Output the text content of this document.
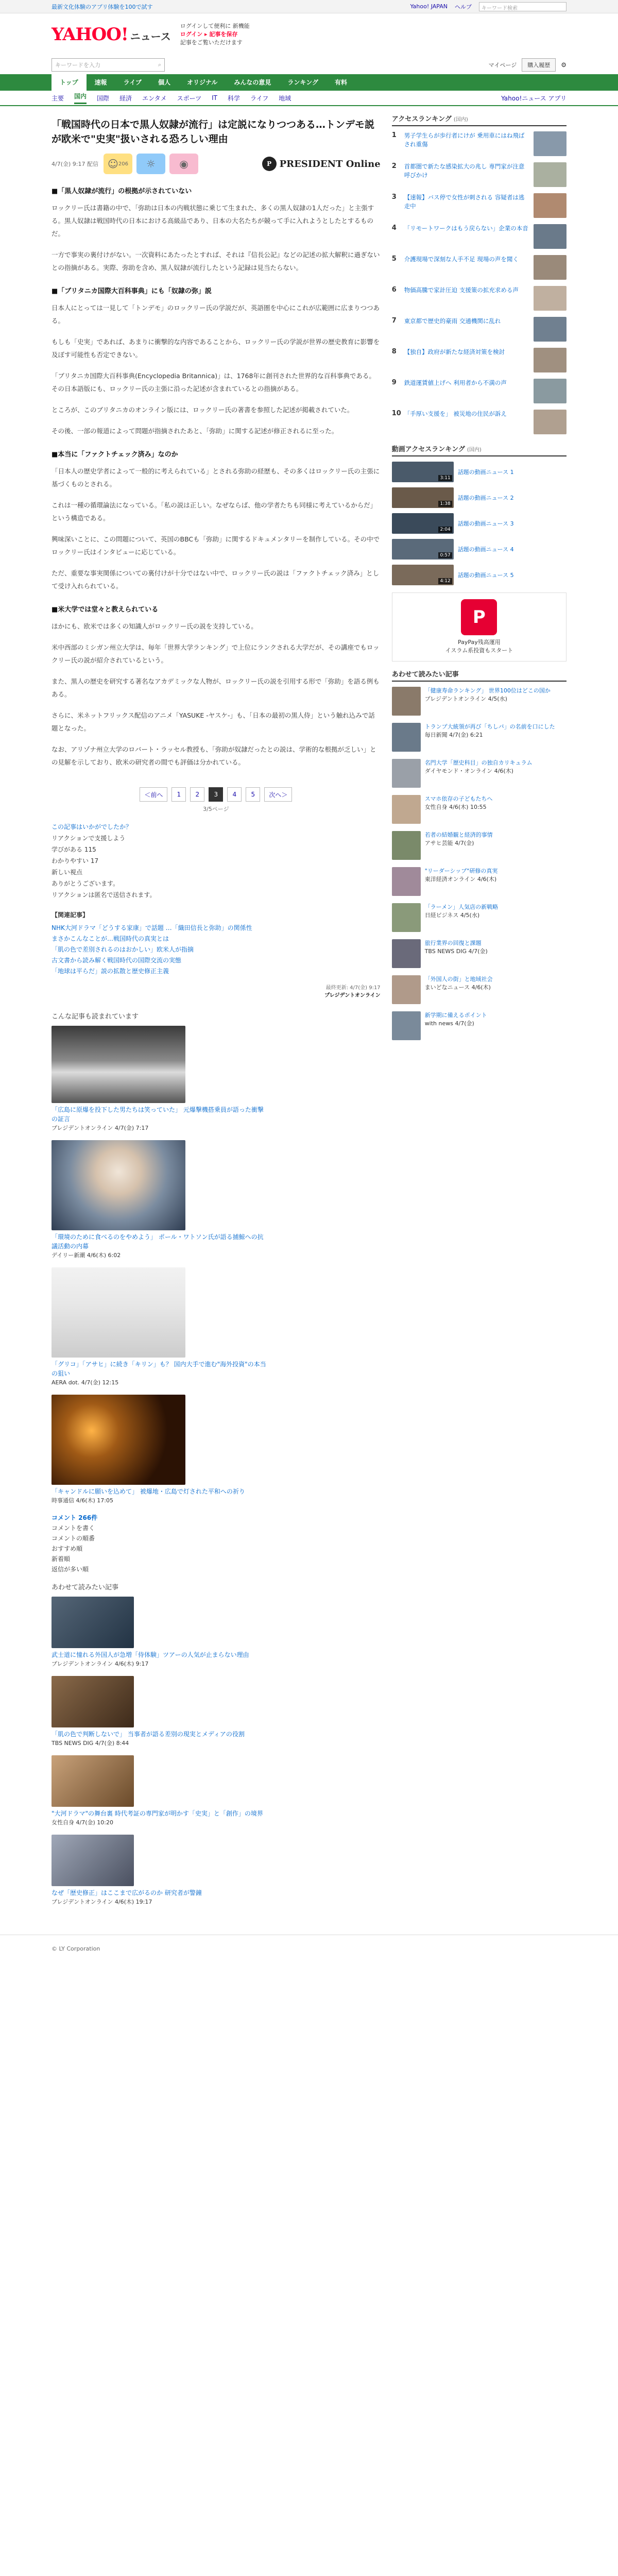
最新文化体験のアプリ体験を100で試す	Yahoo! JAPAN ヘルプ	キーワード検索
YAHOO! ニュース
ログインして便利に 新機能
ログイン ▸ 記事を保存
記事をご覧いただけます
キーワードを入力	⌕	マイページ	購入履歴	⚙
トップ	速報	ライブ	個人	オリジナル	みんなの意見	ランキング	有料
主要 国内 国際 経済 エンタメ スポーツ IT 科学 ライフ 地域	Yahoo!ニュース アプリ
「戦国時代の日本で黒人奴隷が流行」は定説になりつつある…トンデモ説が欧米で"史実"扱いされる恐ろしい理由
4/7(金) 9:17 配信 ☺ 206 ☼ ◉	P PRESIDENT Online
■「黒人奴隷が流行」の根拠が示されていない

ロックリー氏は書籍の中で、「弥助は日本の内戦状態に乗じて生まれた、多くの黒人奴隷の1人だった」と主張する。黒人奴隷は戦国時代の日本における高級品であり、日本の大名たちが競って手に入れようとしたとするものだ。

一方で事実の裏付けがない。一次資料にあたったとすれば、それは『信長公記』などの記述の拡大解釈に過ぎないとの指摘がある。実際、弥助を含め、黒人奴隷が流行したという記録は見当たらない。

■「ブリタニカ国際大百科事典」にも「奴隷の弥」説

日本人にとっては一見して「トンデモ」のロックリー氏の学説だが、英語圏を中心にこれが広範囲に広まりつつある。

もしも「史実」であれば、あまりに衝撃的な内容であることから、ロックリー氏の学説が世界の歴史教育に影響を及ぼす可能性も否定できない。

「ブリタニカ国際大百科事典(Encyclopedia Britannica)」は、1768年に創刊された世界的な百科事典である。その日本語版にも、ロックリー氏の主張に沿った記述が含まれているとの指摘がある。

ところが、このブリタニカのオンライン版には、ロックリー氏の著書を参照した記述が掲載されていた。

その後、一部の報道によって問題が指摘されたあと、「弥助」に関する記述が修正されるに至った。

■本当に「ファクトチェック済み」なのか

「日本人の歴史学者によって一般的に考えられている」とされる弥助の経歴も、その多くはロックリー氏の主張に基づくものとされる。

これは一種の循環論法になっている。「私の説は正しい。なぜならば、他の学者たちも同様に考えているからだ」という構造である。

興味深いことに、この問題について、英国のBBCも「弥助」に関するドキュメンタリーを制作している。その中でロックリー氏はインタビューに応じている。

ただ、重要な事実関係についての裏付けが十分ではない中で、ロックリー氏の説は「ファクトチェック済み」として受け入れられている。

■米大学では堂々と教えられている

ほかにも、欧米では多くの知識人がロックリー氏の説を支持している。

米中西部のミシガン州立大学は、毎年「世界大学ランキング」で上位にランクされる大学だが、その講座でもロックリー氏の説が紹介されているという。

また、黒人の歴史を研究する著名なアカデミックな人物が、ロックリー氏の説を引用する形で「弥助」を語る例もある。

さらに、米ネットフリックス配信のアニメ「YASUKE -ヤスケ-」も、「日本の最初の黒人侍」という触れ込みで話題となった。

なお、アリゾナ州立大学のロバート・ラッセル教授も、「弥助が奴隷だったとの説は、学術的な根拠が乏しい」との見解を示しており、欧米の研究者の間でも評価は分かれている。

＜前へ	1	2	3	4	5	次へ＞
3/5ページ
この記事はいかがでしたか？
リアクションで支援しよう
学びがある 115
わかりやすい 17
新しい視点
ありがとうございます。
リアクションは匿名で送信されます。
【関連記事】
NHK大河ドラマ「どうする家康」で話題 …「織田信長と弥助」の関係性
まさかこんなことが…戦国時代の真実とは
「肌の色で差別されるのはおかしい」欧米人が指摘
古文書から読み解く戦国時代の国際交流の実態
「地球は平らだ」説の拡散と歴史修正主義
最終更新: 4/7(金) 9:17
プレジデントオンライン
こんな記事も読まれています
「広島に原爆を投下した男たちは笑っていた」 元爆撃機搭乗員が語った衝撃の証言
プレジデントオンライン 4/7(金) 7:17
「環境のために食べるのをやめよう」 ポール・ワトソン氏が語る捕鯨への抗議活動の内幕
デイリー新潮 4/6(木) 6:02
「グリコ」「アサヒ」に続き「キリン」も？ 国内大手で進む"海外投資"の本当の狙い
AERA dot. 4/7(金) 12:15
「キャンドルに願いを込めて」 被爆地・広島で灯された平和への祈り
時事通信 4/6(木) 17:05
コメント 266件
コメントを書く
コメントの順番
おすすめ順
新着順
返信が多い順
あわせて読みたい記事
武士道に憧れる外国人が急増「侍体験」ツアーの人気が止まらない理由
プレジデントオンライン 4/6(木) 9:17
「肌の色で判断しないで」 当事者が語る差別の現実とメディアの役割
TBS NEWS DIG 4/7(金) 8:44
"大河ドラマ"の舞台裏 時代考証の専門家が明かす「史実」と「創作」の境界
女性自身 4/7(金) 10:20
なぜ「歴史修正」はここまで広がるのか 研究者が警鐘
プレジデントオンライン 4/6(木) 19:17
アクセスランキング (国内)
1	男子学生らが歩行者にけが 乗用車にはね飛ばされ重傷
2	首都圏で新たな感染拡大の兆し 専門家が注意呼びかけ
3	【速報】バス停で女性が刺される 容疑者は逃走中
4	「リモートワークはもう戻らない」企業の本音
5	介護現場で深刻な人手不足 現場の声を聞く
6	物価高騰で家計圧迫 支援策の拡充求める声
7	東京都で歴史的豪雨 交通機関に乱れ
8	【独自】政府が新たな経済対策を検討
9	鉄道運賃値上げへ 利用者から不満の声
10 「手厚い支援を」 被災地の住民が訴え
動画アクセスランキング (国内)
3:11
話題の動画ニュース 1
1:38
話題の動画ニュース 2
2:04
話題の動画ニュース 3
0:57
話題の動画ニュース 4
4:12
話題の動画ニュース 5
P
PayPay残高運用
イスラム系投資もスタート
あわせて読みたい記事
「健康寿命ランキング」 世界100位はどこの国か
プレジデントオンライン 4/5(水)
トランプ大統領が再び「ちしパ」の名前を口にした
毎日新聞 4/7(金) 6:21
名門大学「歴史科目」の独自カリキュラム
ダイヤモンド・オンライン 4/6(木)
スマホ依存の子どもたちへ
女性自身 4/6(木) 10:55
若者の結婚観と経済的事情
アサヒ芸能 4/7(金)
"リーダーシップ"研修の真実
東洋経済オンライン 4/6(木)
「ラーメン」人気店の新戦略
日経ビジネス 4/5(水)
旅行業界の回復と課題
TBS NEWS DIG 4/7(金)
「外国人の街」と地域社会
まいどなニュース 4/6(木)
新学期に備えるポイント
with news 4/7(金)
© LY Corporation
